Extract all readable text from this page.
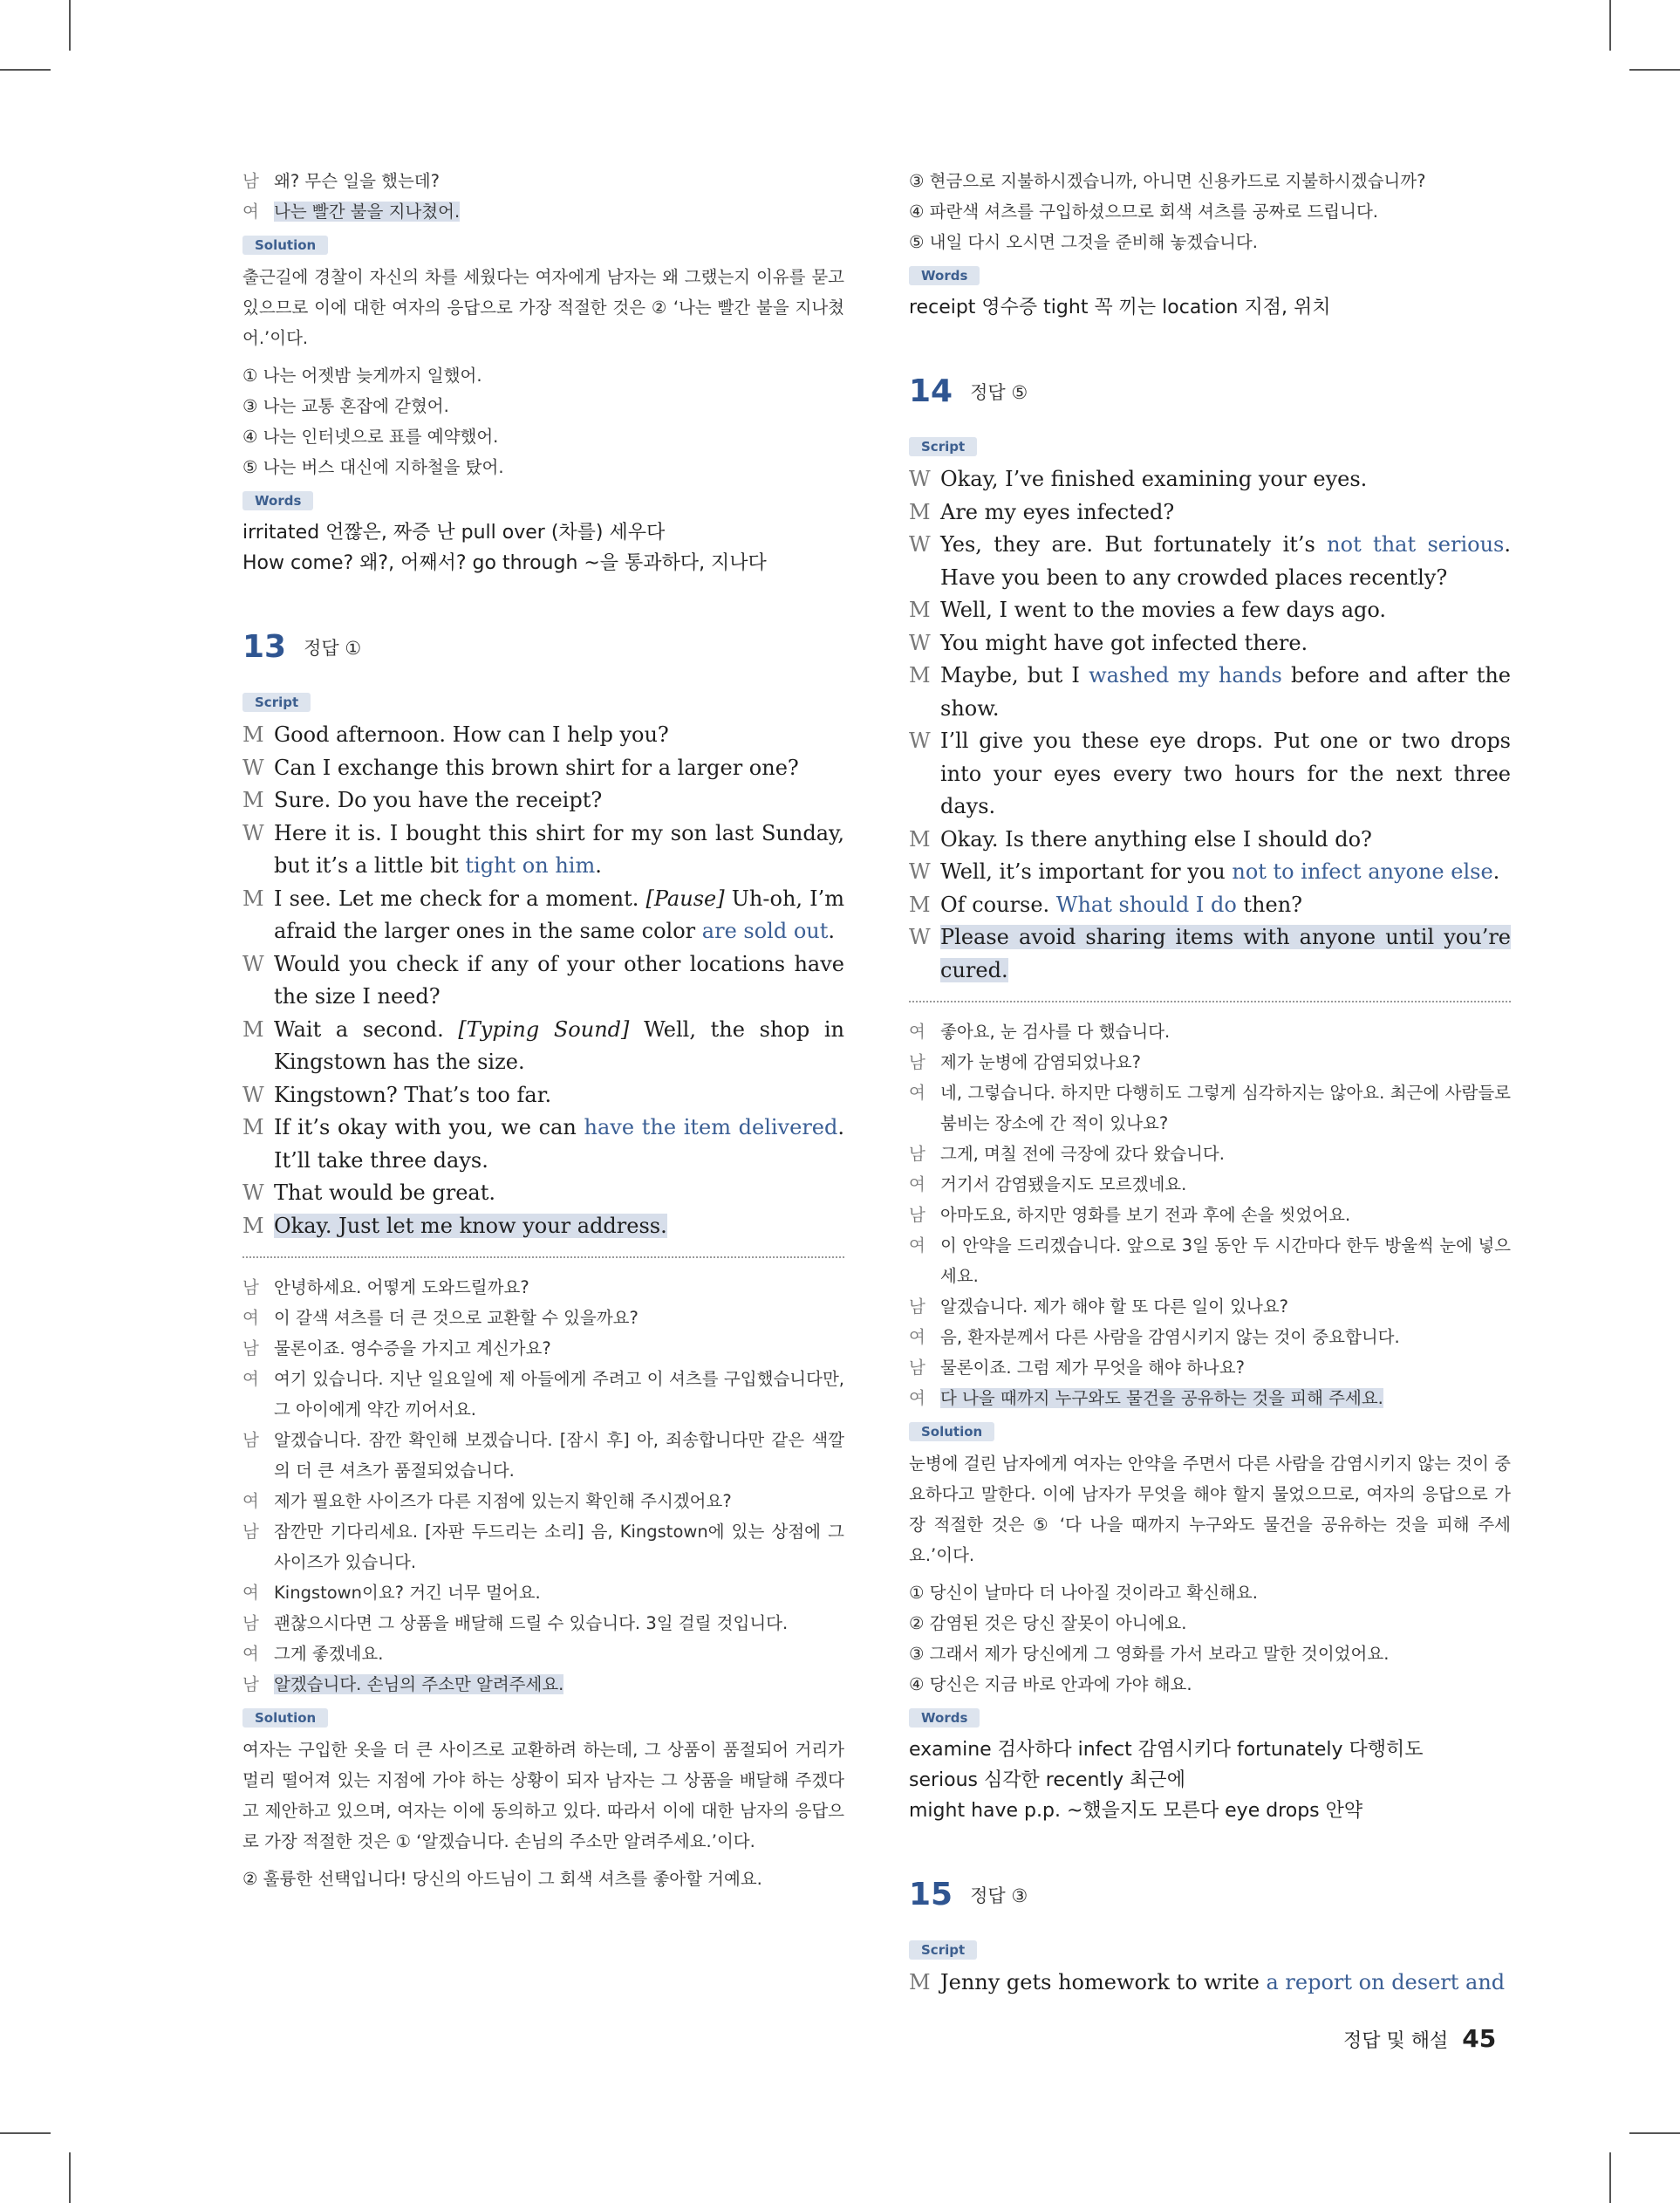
남 왜? 무슨 일을 했는데?
여 나는 빨간 불을 지나쳤어.
Solution

출근길에 경찰이 자신의 차를 세웠다는 여자에게 남자는 왜 그랬는지 이유를 묻고 있으므로 이에 대한 여자의 응답으로 가장 적절한 것은 ② ‘나는 빨간 불을 지나쳤어.’이다.

① 나는 어젯밤 늦게까지 일했어.
③ 나는 교통 혼잡에 갇혔어.
④ 나는 인터넷으로 표를 예약했어.
⑤ 나는 버스 대신에 지하철을 탔어.
Words
irritated 언짢은, 짜증 난 pull over (차를) 세우다
How come? 왜?, 어째서? go through ~을 통과하다, 지나다
13 정답 ①
Script
M Good afternoon. How can I help you?
W Can I exchange this brown shirt for a larger one?
M Sure. Do you have the receipt?
W Here it is. I bought this shirt for my son last Sunday, but it’s a little bit tight on him.
M I see. Let me check for a moment. [Pause] Uh-oh, I’m afraid the larger ones in the same color are sold out.
W Would you check if any of your other locations have the size I need?
M Wait a second. [Typing Sound] Well, the shop in Kingstown has the size.
W Kingstown? That’s too far.
M If it’s okay with you, we can have the item delivered. It’ll take three days.
W That would be great.
M Okay. Just let me know your address.
남 안녕하세요. 어떻게 도와드릴까요?
여 이 갈색 셔츠를 더 큰 것으로 교환할 수 있을까요?
남 물론이죠. 영수증을 가지고 계신가요?
여 여기 있습니다. 지난 일요일에 제 아들에게 주려고 이 셔츠를 구입했습니다만, 그 아이에게 약간 끼어서요.
남 알겠습니다. 잠깐 확인해 보겠습니다. [잠시 후] 아, 죄송합니다만 같은 색깔의 더 큰 셔츠가 품절되었습니다.
여 제가 필요한 사이즈가 다른 지점에 있는지 확인해 주시겠어요?
남 잠깐만 기다리세요. [자판 두드리는 소리] 음, Kingstown에 있는 상점에 그 사이즈가 있습니다.
여 Kingstown이요? 거긴 너무 멀어요.
남 괜찮으시다면 그 상품을 배달해 드릴 수 있습니다. 3일 걸릴 것입니다.
여 그게 좋겠네요.
남 알겠습니다. 손님의 주소만 알려주세요.
Solution

여자는 구입한 옷을 더 큰 사이즈로 교환하려 하는데, 그 상품이 품절되어 거리가 멀리 떨어져 있는 지점에 가야 하는 상황이 되자 남자는 그 상품을 배달해 주겠다고 제안하고 있으며, 여자는 이에 동의하고 있다. 따라서 이에 대한 남자의 응답으로 가장 적절한 것은 ① ‘알겠습니다. 손님의 주소만 알려주세요.’이다.

② 훌륭한 선택입니다! 당신의 아드님이 그 회색 셔츠를 좋아할 거예요.
③ 현금으로 지불하시겠습니까, 아니면 신용카드로 지불하시겠습니까?
④ 파란색 셔츠를 구입하셨으므로 회색 셔츠를 공짜로 드립니다.
⑤ 내일 다시 오시면 그것을 준비해 놓겠습니다.
Words
receipt 영수증 tight 꼭 끼는 location 지점, 위치
14 정답 ⑤
Script
W Okay, I’ve finished examining your eyes.
M Are my eyes infected?
W Yes, they are. But fortunately it’s not that serious. Have you been to any crowded places recently?
M Well, I went to the movies a few days ago.
W You might have got infected there.
M Maybe, but I washed my hands before and after the show.
W I’ll give you these eye drops. Put one or two drops into your eyes every two hours for the next three days.
M Okay. Is there anything else I should do?
W Well, it’s important for you not to infect anyone else.
M Of course. What should I do then?
W Please avoid sharing items with anyone until you’re cured.
여 좋아요, 눈 검사를 다 했습니다.
남 제가 눈병에 감염되었나요?
여 네, 그렇습니다. 하지만 다행히도 그렇게 심각하지는 않아요. 최근에 사람들로 붐비는 장소에 간 적이 있나요?
남 그게, 며칠 전에 극장에 갔다 왔습니다.
여 거기서 감염됐을지도 모르겠네요.
남 아마도요, 하지만 영화를 보기 전과 후에 손을 씻었어요.
여 이 안약을 드리겠습니다. 앞으로 3일 동안 두 시간마다 한두 방울씩 눈에 넣으세요.
남 알겠습니다. 제가 해야 할 또 다른 일이 있나요?
여 음, 환자분께서 다른 사람을 감염시키지 않는 것이 중요합니다.
남 물론이죠. 그럼 제가 무엇을 해야 하나요?
여 다 나을 때까지 누구와도 물건을 공유하는 것을 피해 주세요.
Solution

눈병에 걸린 남자에게 여자는 안약을 주면서 다른 사람을 감염시키지 않는 것이 중요하다고 말한다. 이에 남자가 무엇을 해야 할지 물었으므로, 여자의 응답으로 가장 적절한 것은 ⑤ ‘다 나을 때까지 누구와도 물건을 공유하는 것을 피해 주세요.’이다.

① 당신이 날마다 더 나아질 것이라고 확신해요.
② 감염된 것은 당신 잘못이 아니에요.
③ 그래서 제가 당신에게 그 영화를 가서 보라고 말한 것이었어요.
④ 당신은 지금 바로 안과에 가야 해요.
Words
examine 검사하다 infect 감염시키다 fortunately 다행히도
serious 심각한 recently 최근에
might have p.p. ~했을지도 모른다 eye drops 안약
15 정답 ③
Script
M Jenny gets homework to write a report on desert and
정답 및 해설 45
